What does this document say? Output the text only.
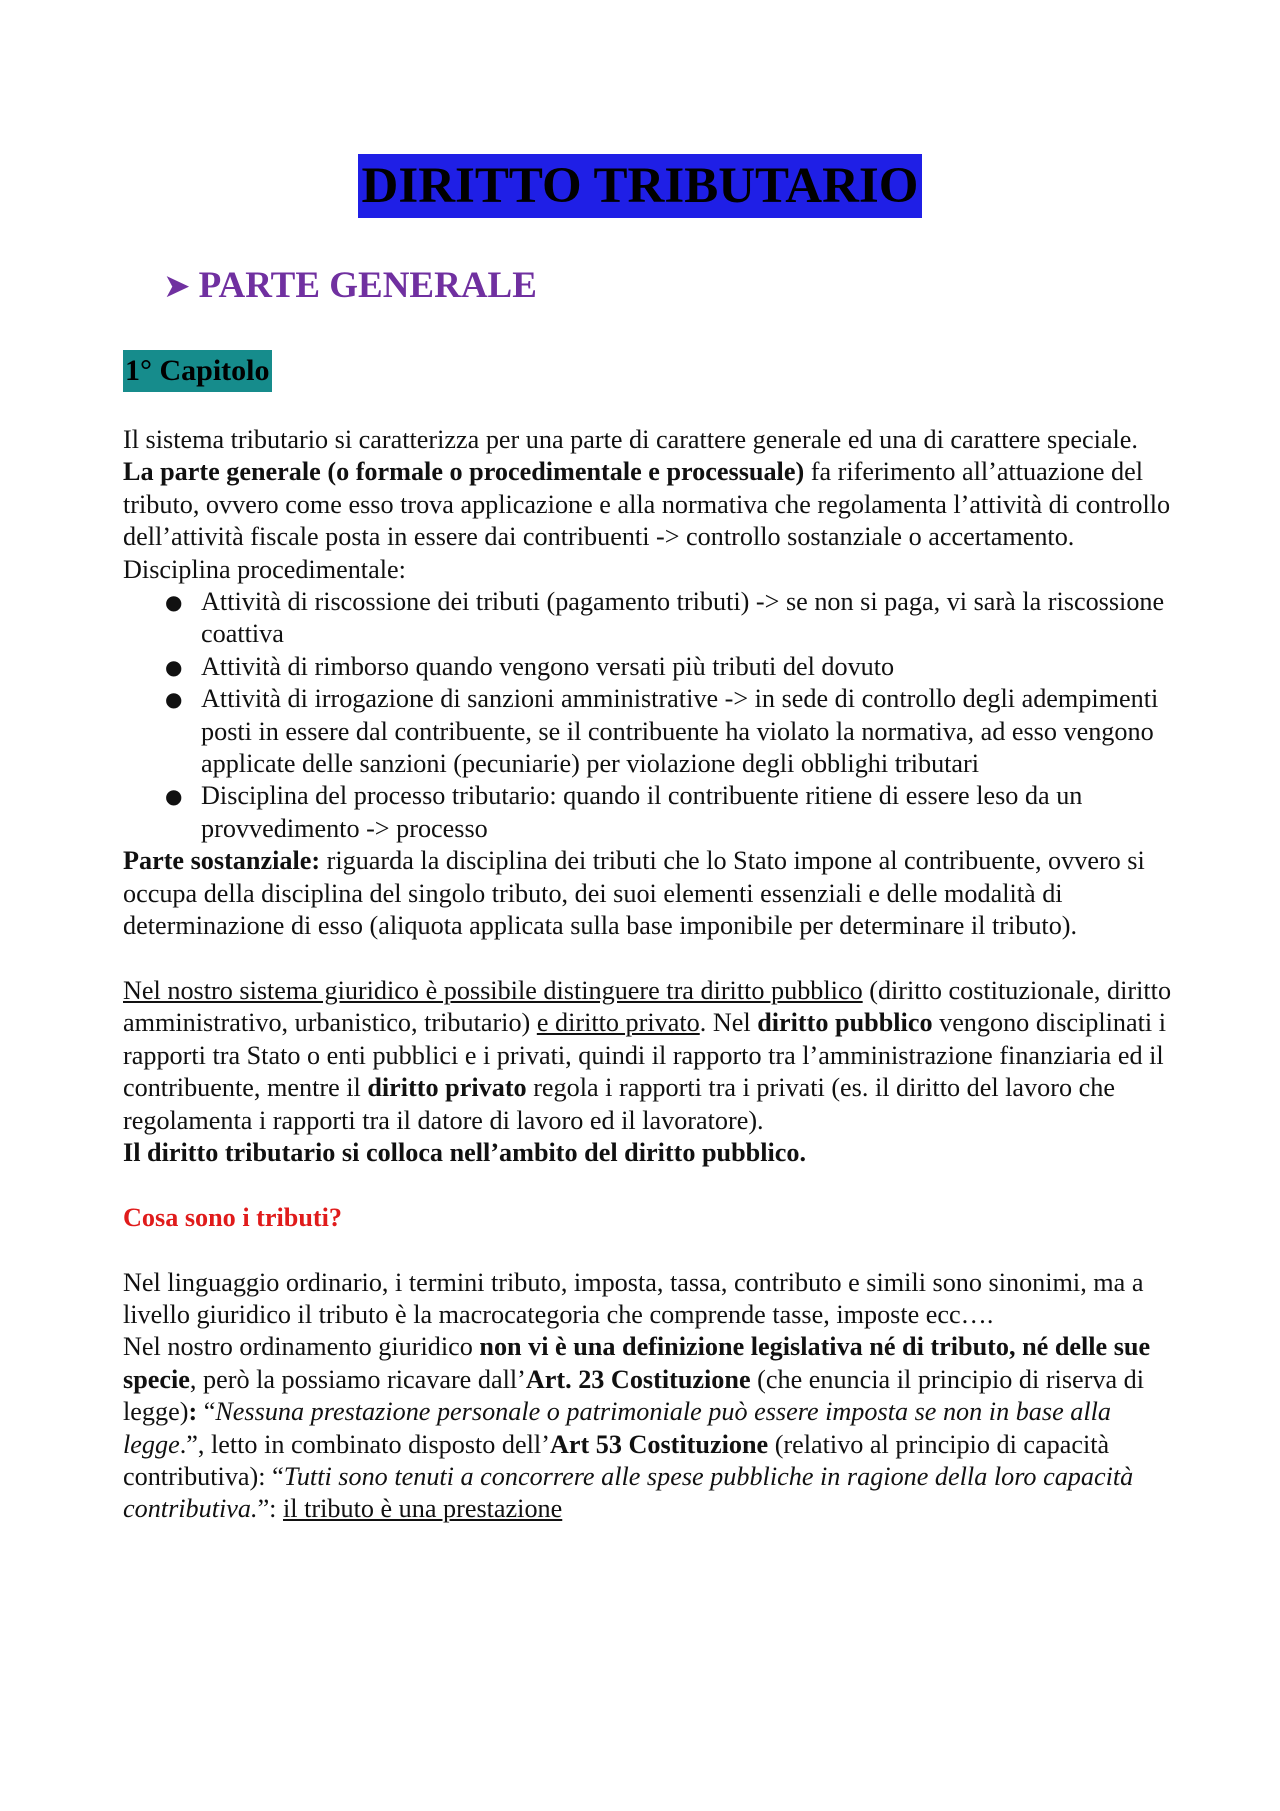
DIRITTO TRIBUTARIO
➤ PARTE GENERALE
1° Capitolo

Il sistema tributario si caratterizza per una parte di carattere generale ed una di carattere speciale.

La parte generale (o formale o procedimentale e processuale) fa riferimento all’attuazione del tributo, ovvero come esso trova applicazione e alla normativa che regolamenta l’attività di controllo dell’attività fiscale posta in essere dai contribuenti -> controllo sostanziale o accertamento.

Disciplina procedimentale:

● Attività di riscossione dei tributi (pagamento tributi) -> se non si paga, vi sarà la riscossione coattiva
● Attività di rimborso quando vengono versati più tributi del dovuto
● Attività di irrogazione di sanzioni amministrative -> in sede di controllo degli adempimenti posti in essere dal contribuente, se il contribuente ha violato la normativa, ad esso vengono applicate delle sanzioni (pecuniarie) per violazione degli obblighi tributari
● Disciplina del processo tributario: quando il contribuente ritiene di essere leso da un provvedimento -> processo

Parte sostanziale: riguarda la disciplina dei tributi che lo Stato impone al contribuente, ovvero si occupa della disciplina del singolo tributo, dei suoi elementi essenziali e delle modalità di determinazione di esso (aliquota applicata sulla base imponibile per determinare il tributo).

Nel nostro sistema giuridico è possibile distinguere tra diritto pubblico (diritto costituzionale, diritto amministrativo, urbanistico, tributario) e diritto privato. Nel diritto pubblico vengono disciplinati i rapporti tra Stato o enti pubblici e i privati, quindi il rapporto tra l’amministrazione finanziaria ed il contribuente, mentre il diritto privato regola i rapporti tra i privati (es. il diritto del lavoro che regolamenta i rapporti tra il datore di lavoro ed il lavoratore).

Il diritto tributario si colloca nell’ambito del diritto pubblico.

Cosa sono i tributi?

Nel linguaggio ordinario, i termini tributo, imposta, tassa, contributo e simili sono sinonimi, ma a livello giuridico il tributo è la macrocategoria che comprende tasse, imposte ecc….

Nel nostro ordinamento giuridico non vi è una definizione legislativa né di tributo, né delle sue specie, però la possiamo ricavare dall’Art. 23 Costituzione (che enuncia il principio di riserva di legge): “Nessuna prestazione personale o patrimoniale può essere imposta se non in base alla legge.”, letto in combinato disposto dell’Art 53 Costituzione (relativo al principio di capacità contributiva): “Tutti sono tenuti a concorrere alle spese pubbliche in ragione della loro capacità contributiva.”: il tributo è una prestazione
